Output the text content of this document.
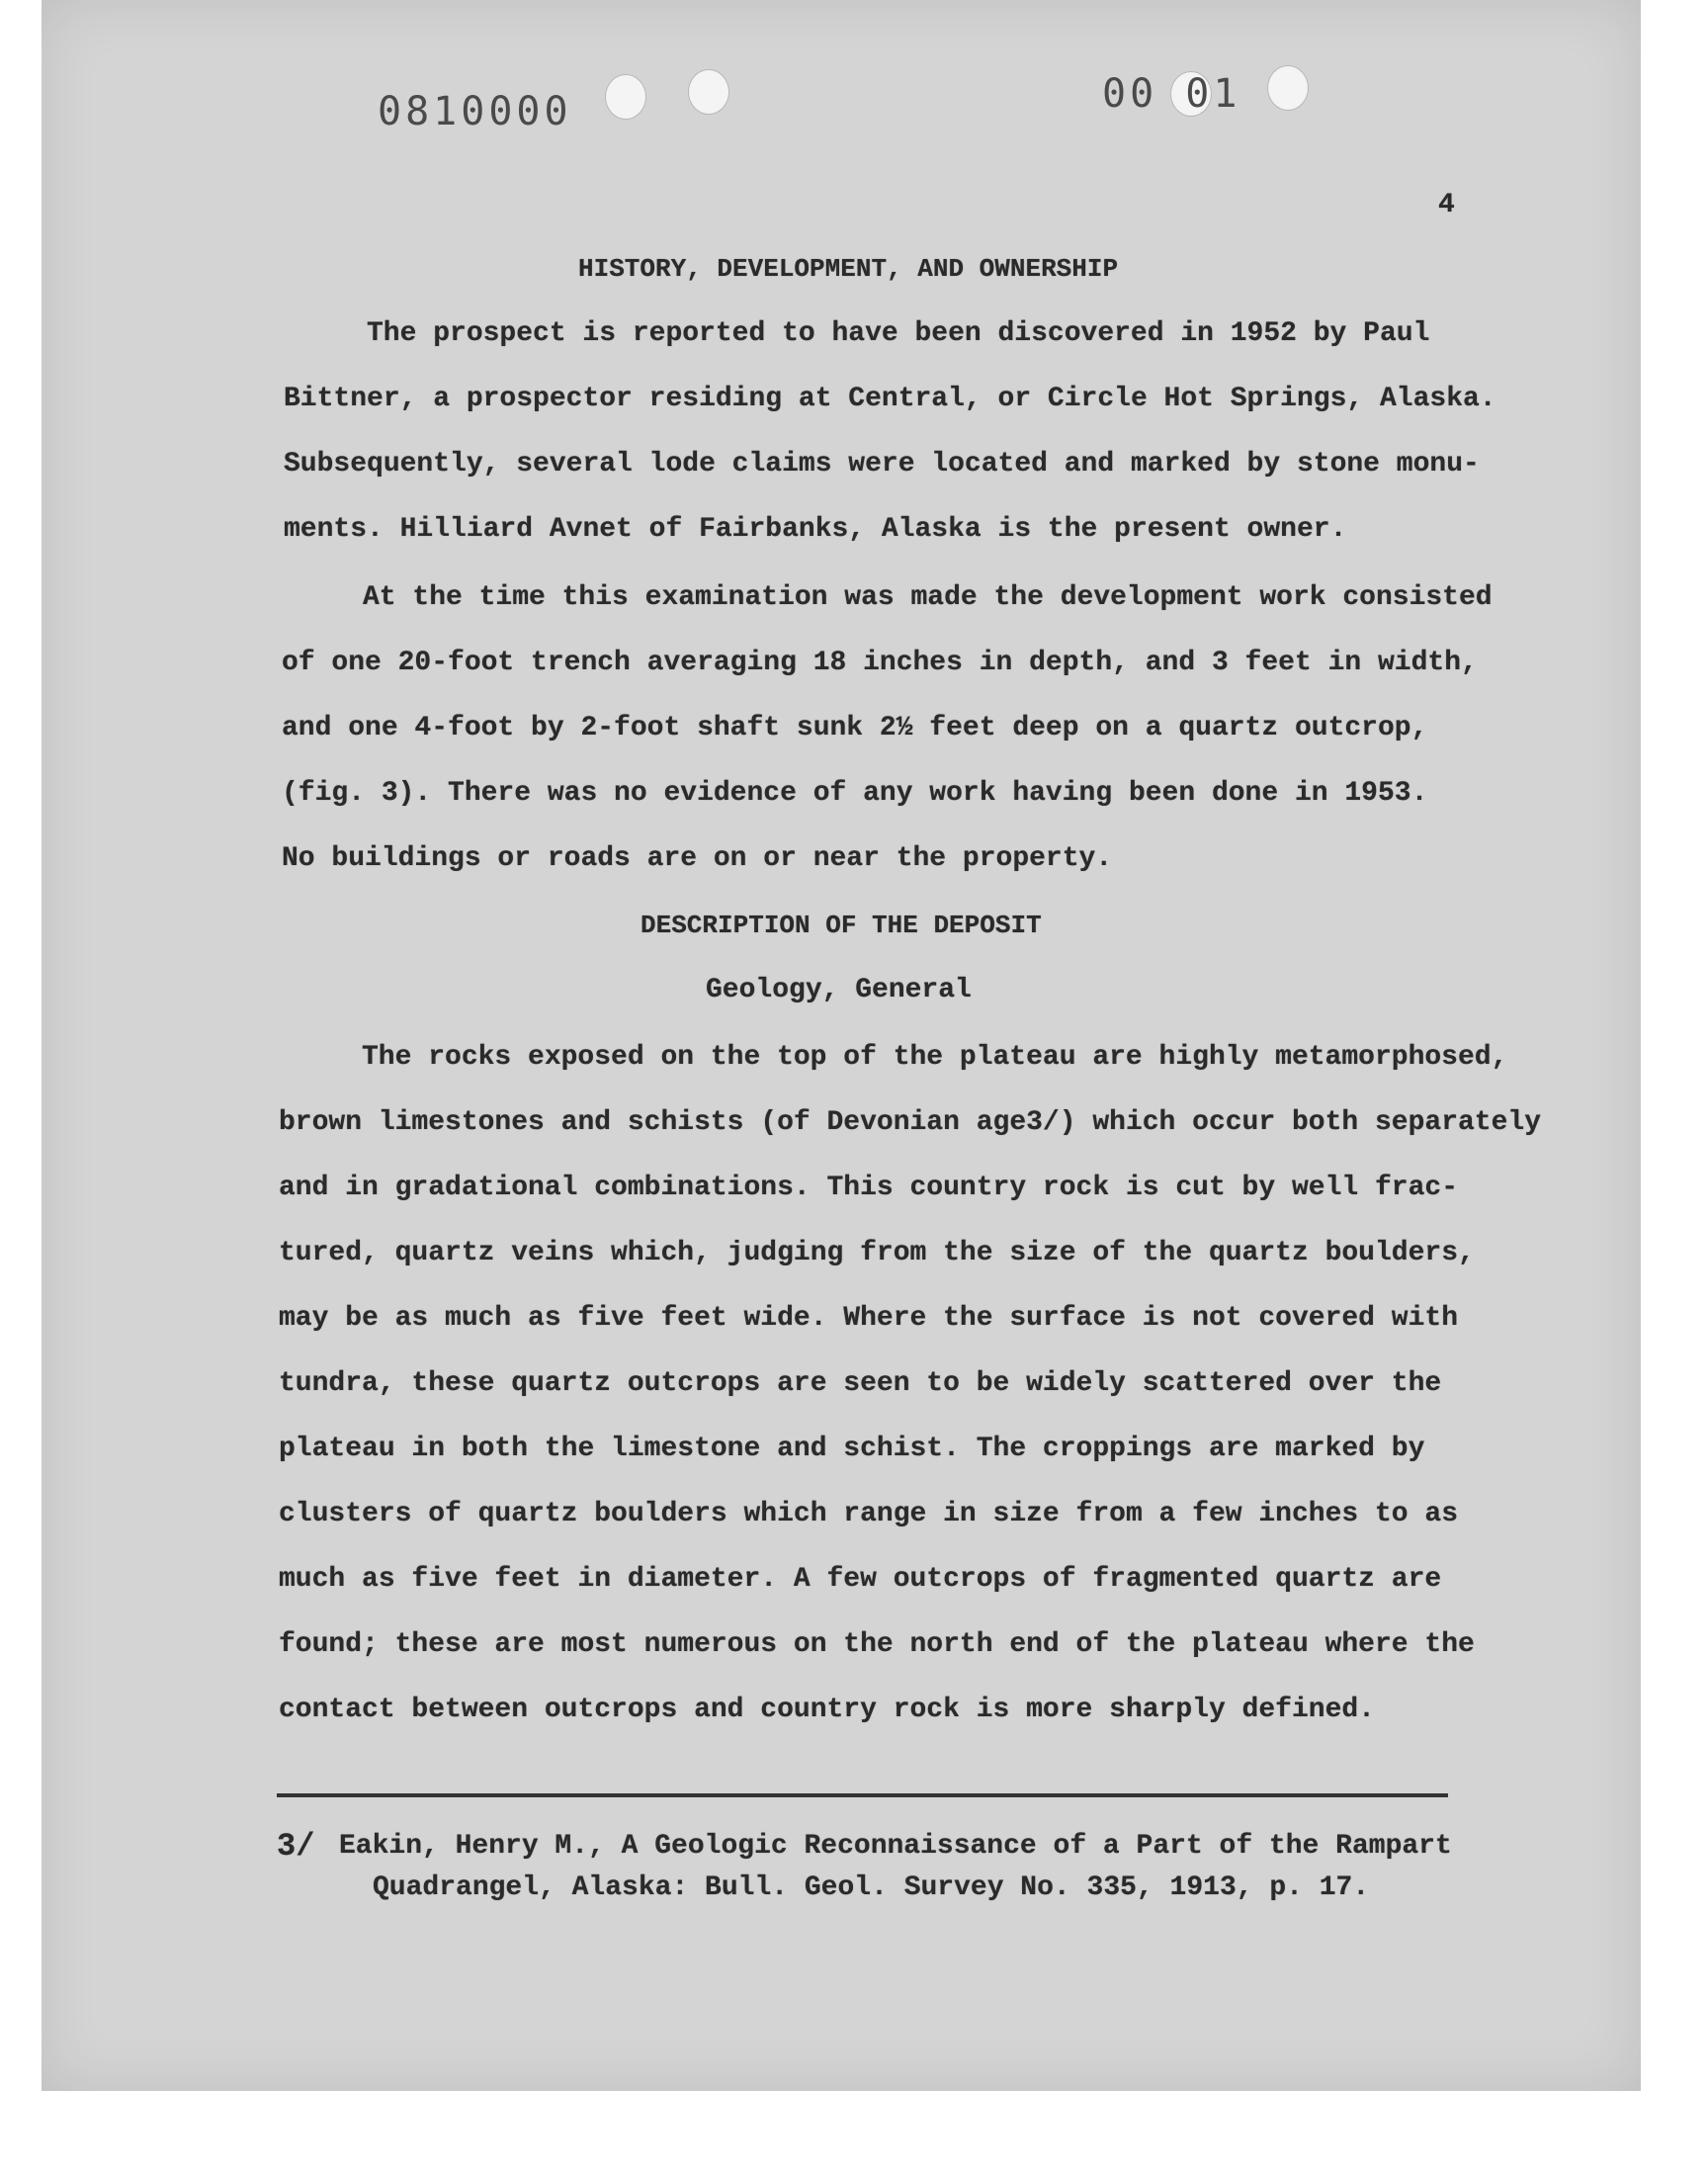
0810000	00 01

4

HISTORY, DEVELOPMENT, AND OWNERSHIP

The prospect is reported to have been discovered in 1952 by Paul

Bittner, a prospector residing at Central, or Circle Hot Springs, Alaska.

Subsequently, several lode claims were located and marked by stone monu-

ments. Hilliard Avnet of Fairbanks, Alaska is the present owner.

At the time this examination was made the development work consisted

of one 20-foot trench averaging 18 inches in depth, and 3 feet in width,

and one 4-foot by 2-foot shaft sunk 2½ feet deep on a quartz outcrop,

(fig. 3). There was no evidence of any work having been done in 1953.

No buildings or roads are on or near the property.

DESCRIPTION OF THE DEPOSIT

Geology, General

The rocks exposed on the top of the plateau are highly metamorphosed,

brown limestones and schists (of Devonian age3/) which occur both separately

and in gradational combinations. This country rock is cut by well frac-

tured, quartz veins which, judging from the size of the quartz boulders,

may be as much as five feet wide. Where the surface is not covered with

tundra, these quartz outcrops are seen to be widely scattered over the

plateau in both the limestone and schist. The croppings are marked by

clusters of quartz boulders which range in size from a few inches to as

much as five feet in diameter. A few outcrops of fragmented quartz are

found; these are most numerous on the north end of the plateau where the

contact between outcrops and country rock is more sharply defined.

3/ Eakin, Henry M., A Geologic Reconnaissance of a Part of the Rampart

Quadrangel, Alaska: Bull. Geol. Survey No. 335, 1913, p. 17.
